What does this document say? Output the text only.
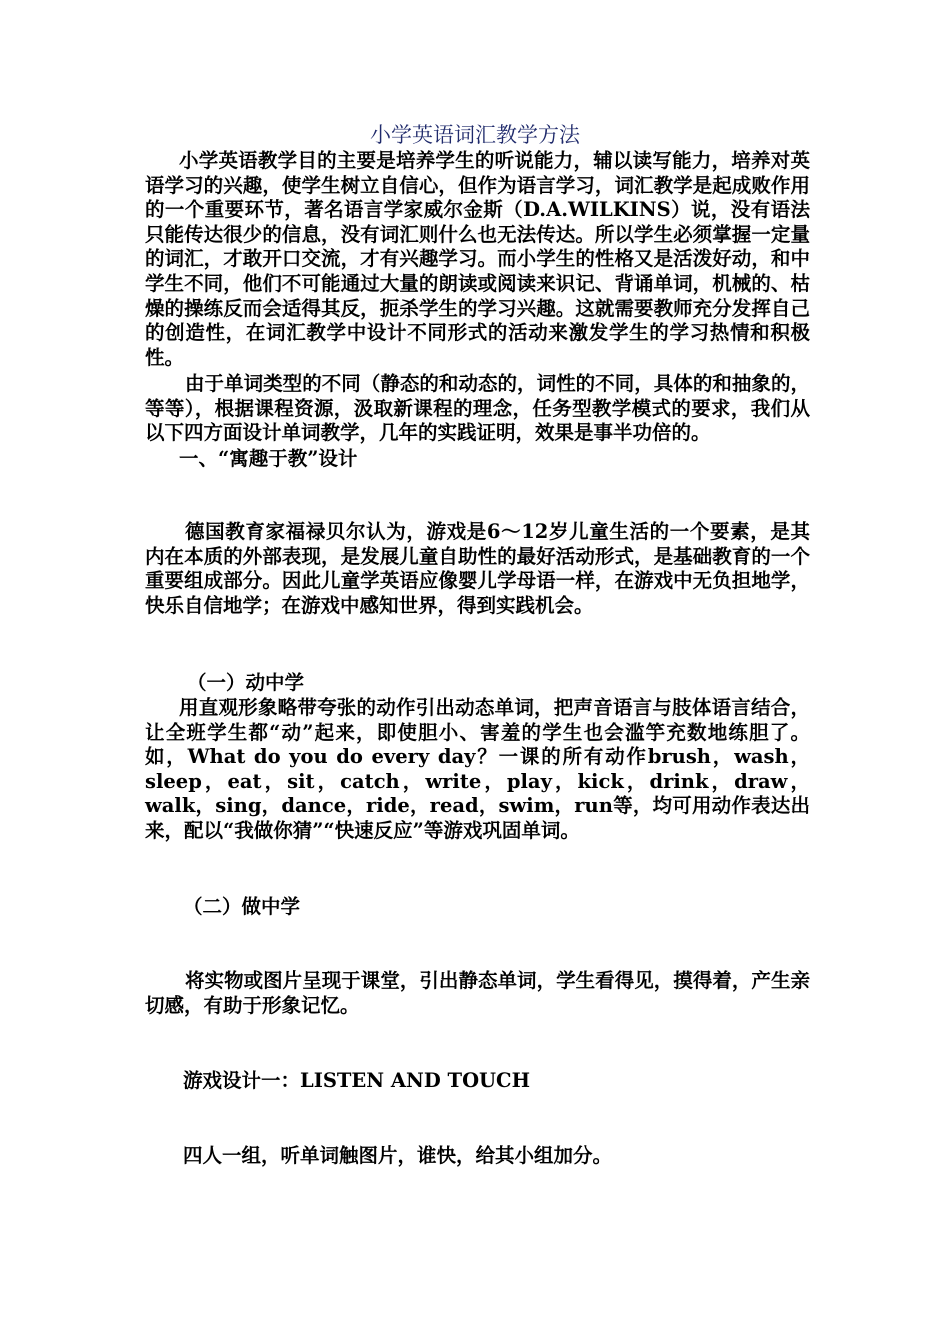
小学英语词汇教学方法
小学英语教学目的主要是培养学生的听说能力，辅以读写能力，培养对英语学习的兴趣，使学生树立自信心，但作为语言学习，词汇教学是起成败作用的一个重要环节，著名语言学家威尔金斯（D.A.WILKINS）说，没有语法只能传达很少的信息，没有词汇则什么也无法传达。所以学生必须掌握一定量的词汇，才敢开口交流，才有兴趣学习。而小学生的性格又是活泼好动，和中学生不同，他们不可能通过大量的朗读或阅读来识记、背诵单词，机械的、枯燥的操练反而会适得其反，扼杀学生的学习兴趣。这就需要教师充分发挥自己的创造性，在词汇教学中设计不同形式的活动来激发学生的学习热情和积极性。
由于单词类型的不同（静态的和动态的，词性的不同，具体的和抽象的，等等），根据课程资源，汲取新课程的理念，任务型教学模式的要求，我们从以下四方面设计单词教学，几年的实践证明，效果是事半功倍的。
一、“寓趣于教”设计
德国教育家福禄贝尔认为，游戏是6～12岁儿童生活的一个要素，是其内在本质的外部表现，是发展儿童自助性的最好活动形式，是基础教育的一个重要组成部分。因此儿童学英语应像婴儿学母语一样，在游戏中无负担地学，快乐自信地学；在游戏中感知世界，得到实践机会。
（一）动中学
用直观形象略带夸张的动作引出动态单词，把声音语言与肢体语言结合，让全班学生都“动”起来，即使胆小、害羞的学生也会滥竽充数地练胆了。如，What do you do every day？一课的所有动作brush，wash，sleep，eat，sit，catch，write，play，kick，drink，draw，walk，sing，dance，ride，read，swim，run等，均可用动作表达出来，配以“我做你猜”“快速反应”等游戏巩固单词。
（二）做中学
将实物或图片呈现于课堂，引出静态单词，学生看得见，摸得着，产生亲切感，有助于形象记忆。
游戏设计一：LISTEN AND TOUCH
四人一组，听单词触图片，谁快，给其小组加分。
